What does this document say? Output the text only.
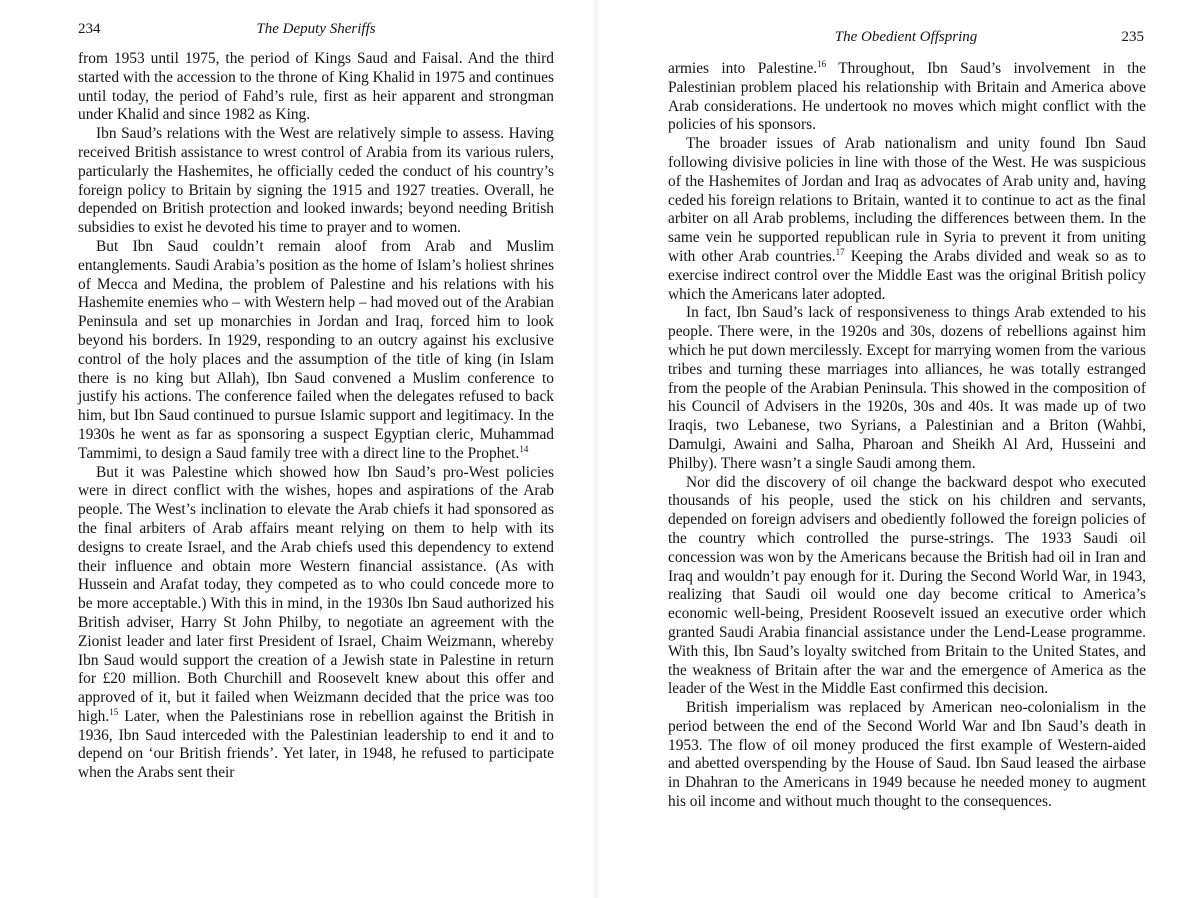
234	The Deputy Sheriffs

from 1953 until 1975, the period of Kings Saud and Faisal. And the third started with the accession to the throne of King Khalid in 1975 and continues until today, the period of Fahd’s rule, first as heir apparent and strongman under Khalid and since 1982 as King.

Ibn Saud’s relations with the West are relatively simple to assess. Having received British assistance to wrest control of Arabia from its various rulers, particularly the Hashemites, he officially ceded the conduct of his country’s foreign policy to Britain by signing the 1915 and 1927 treaties. Overall, he depended on British protection and looked inwards; beyond needing British subsidies to exist he devoted his time to prayer and to women.

But Ibn Saud couldn’t remain aloof from Arab and Muslim entanglements. Saudi Arabia’s position as the home of Islam’s holiest shrines of Mecca and Medina, the problem of Palestine and his relations with his Hashemite enemies who – with Western help – had moved out of the Arabian Peninsula and set up monarchies in Jordan and Iraq, forced him to look beyond his borders. In 1929, responding to an outcry against his exclusive control of the holy places and the assumption of the title of king (in Islam there is no king but Allah), Ibn Saud convened a Muslim conference to justify his actions. The conference failed when the delegates refused to back him, but Ibn Saud continued to pursue Islamic support and legitimacy. In the 1930s he went as far as sponsoring a suspect Egyptian cleric, Muhammad Tammimi, to design a Saud family tree with a direct line to the Prophet.$^{14}$

But it was Palestine which showed how Ibn Saud’s pro-West policies were in direct conflict with the wishes, hopes and aspirations of the Arab people. The West’s inclination to elevate the Arab chiefs it had sponsored as the final arbiters of Arab affairs meant relying on them to help with its designs to create Israel, and the Arab chiefs used this dependency to extend their influence and obtain more Western financial assistance. (As with Hussein and Arafat today, they competed as to who could concede more to be more acceptable.) With this in mind, in the 1930s Ibn Saud authorized his British adviser, Harry St John Philby, to negotiate an agreement with the Zionist leader and later first President of Israel, Chaim Weizmann, whereby Ibn Saud would support the creation of a Jewish state in Palestine in return for £20 million. Both Churchill and Roosevelt knew about this offer and approved of it, but it failed when Weizmann decided that the price was too high.$^{15}$ Later, when the Palestinians rose in rebellion against the British in 1936, Ibn Saud interceded with the Palestinian leadership to end it and to depend on ‘our British friends’. Yet later, in 1948, he refused to participate when the Arabs sent their

The Obedient Offspring	235

armies into Palestine.$^{16}$ Throughout, Ibn Saud’s involvement in the Palestinian problem placed his relationship with Britain and America above Arab considerations. He undertook no moves which might conflict with the policies of his sponsors.

The broader issues of Arab nationalism and unity found Ibn Saud following divisive policies in line with those of the West. He was suspicious of the Hashemites of Jordan and Iraq as advocates of Arab unity and, having ceded his foreign relations to Britain, wanted it to continue to act as the final arbiter on all Arab problems, including the differences between them. In the same vein he supported republican rule in Syria to prevent it from uniting with other Arab countries.$^{17}$ Keeping the Arabs divided and weak so as to exercise indirect control over the Middle East was the original British policy which the Americans later adopted.

In fact, Ibn Saud’s lack of responsiveness to things Arab extended to his people. There were, in the 1920s and 30s, dozens of rebellions against him which he put down mercilessly. Except for marrying women from the various tribes and turning these marriages into alliances, he was totally estranged from the people of the Arabian Peninsula. This showed in the composition of his Council of Advisers in the 1920s, 30s and 40s. It was made up of two Iraqis, two Lebanese, two Syrians, a Palestinian and a Briton (Wahbi, Damulgi, Awaini and Salha, Pharoan and Sheikh Al Ard, Husseini and Philby). There wasn’t a single Saudi among them.

Nor did the discovery of oil change the backward despot who executed thousands of his people, used the stick on his children and servants, depended on foreign advisers and obediently followed the foreign policies of the country which controlled the purse-strings. The 1933 Saudi oil concession was won by the Americans because the British had oil in Iran and Iraq and wouldn’t pay enough for it. During the Second World War, in 1943, realizing that Saudi oil would one day become critical to America’s economic well-being, President Roosevelt issued an executive order which granted Saudi Arabia financial assistance under the Lend-Lease programme. With this, Ibn Saud’s loyalty switched from Britain to the United States, and the weakness of Britain after the war and the emergence of America as the leader of the West in the Middle East confirmed this decision.

British imperialism was replaced by American neo-colonialism in the period between the end of the Second World War and Ibn Saud’s death in 1953. The flow of oil money produced the first example of Western-aided and abetted overspending by the House of Saud. Ibn Saud leased the airbase in Dhahran to the Americans in 1949 because he needed money to augment his oil income and without much thought to the consequences.
